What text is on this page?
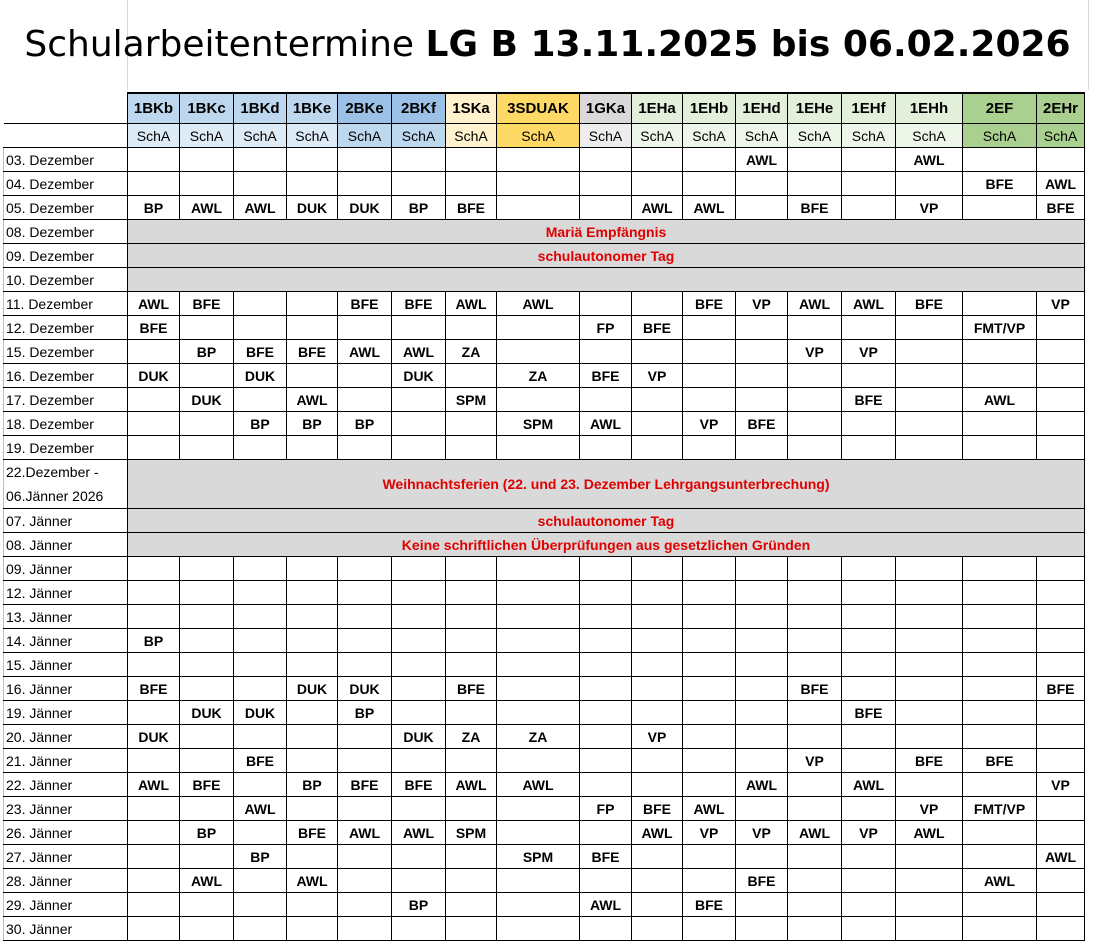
Schularbeitentermine LG B 13.11.2025 bis 06.02.2026
	1BKb	1BKc	1BKd	1BKe	2BKe	2BKf	1SKa	3SDUAK	1GKa	1EHa	1EHb	1EHd	1EHe	1EHf	1EHh	2EF	2EHr
	SchA	SchA	SchA	SchA	SchA	SchA	SchA	SchA	SchA	SchA	SchA	SchA	SchA	SchA	SchA	SchA	SchA
03. Dezember												AWL			AWL		
04. Dezember																BFE	AWL
05. Dezember	BP	AWL	AWL	DUK	DUK	BP	BFE			AWL	AWL		BFE		VP		BFE
08. Dezember	Mariä Empfängnis																
09. Dezember	schulautonomer Tag																
10. Dezember																	
11. Dezember	AWL	BFE			BFE	BFE	AWL	AWL			BFE	VP	AWL	AWL	BFE		VP
12. Dezember	BFE								FP	BFE						FMT/VP	
15. Dezember		BP	BFE	BFE	AWL	AWL	ZA						VP	VP			
16. Dezember	DUK		DUK			DUK		ZA	BFE	VP							
17. Dezember		DUK		AWL			SPM							BFE		AWL	
18. Dezember			BP	BP	BP			SPM	AWL		VP	BFE					
19. Dezember																	

22.Dezember -
06.Jänner 2026	Weihnachtsferien (22. und 23. Dezember Lehrgangsunterbrechung)																
07. Jänner	schulautonomer Tag																
08. Jänner	Keine schriftlichen Überprüfungen aus gesetzlichen Gründen																
09. Jänner																	
12. Jänner																	
13. Jänner																	
14. Jänner	BP																
15. Jänner																	
16. Jänner	BFE			DUK	DUK		BFE						BFE				BFE
19. Jänner		DUK	DUK		BP									BFE			
20. Jänner	DUK					DUK	ZA	ZA		VP							
21. Jänner			BFE										VP		BFE	BFE	
22. Jänner	AWL	BFE		BP	BFE	BFE	AWL	AWL				AWL		AWL			VP
23. Jänner			AWL						FP	BFE	AWL				VP	FMT/VP	
26. Jänner		BP		BFE	AWL	AWL	SPM			AWL	VP	VP	AWL	VP	AWL		
27. Jänner			BP					SPM	BFE								AWL
28. Jänner		AWL		AWL								BFE				AWL	
29. Jänner						BP			AWL		BFE						
30. Jänner																	
